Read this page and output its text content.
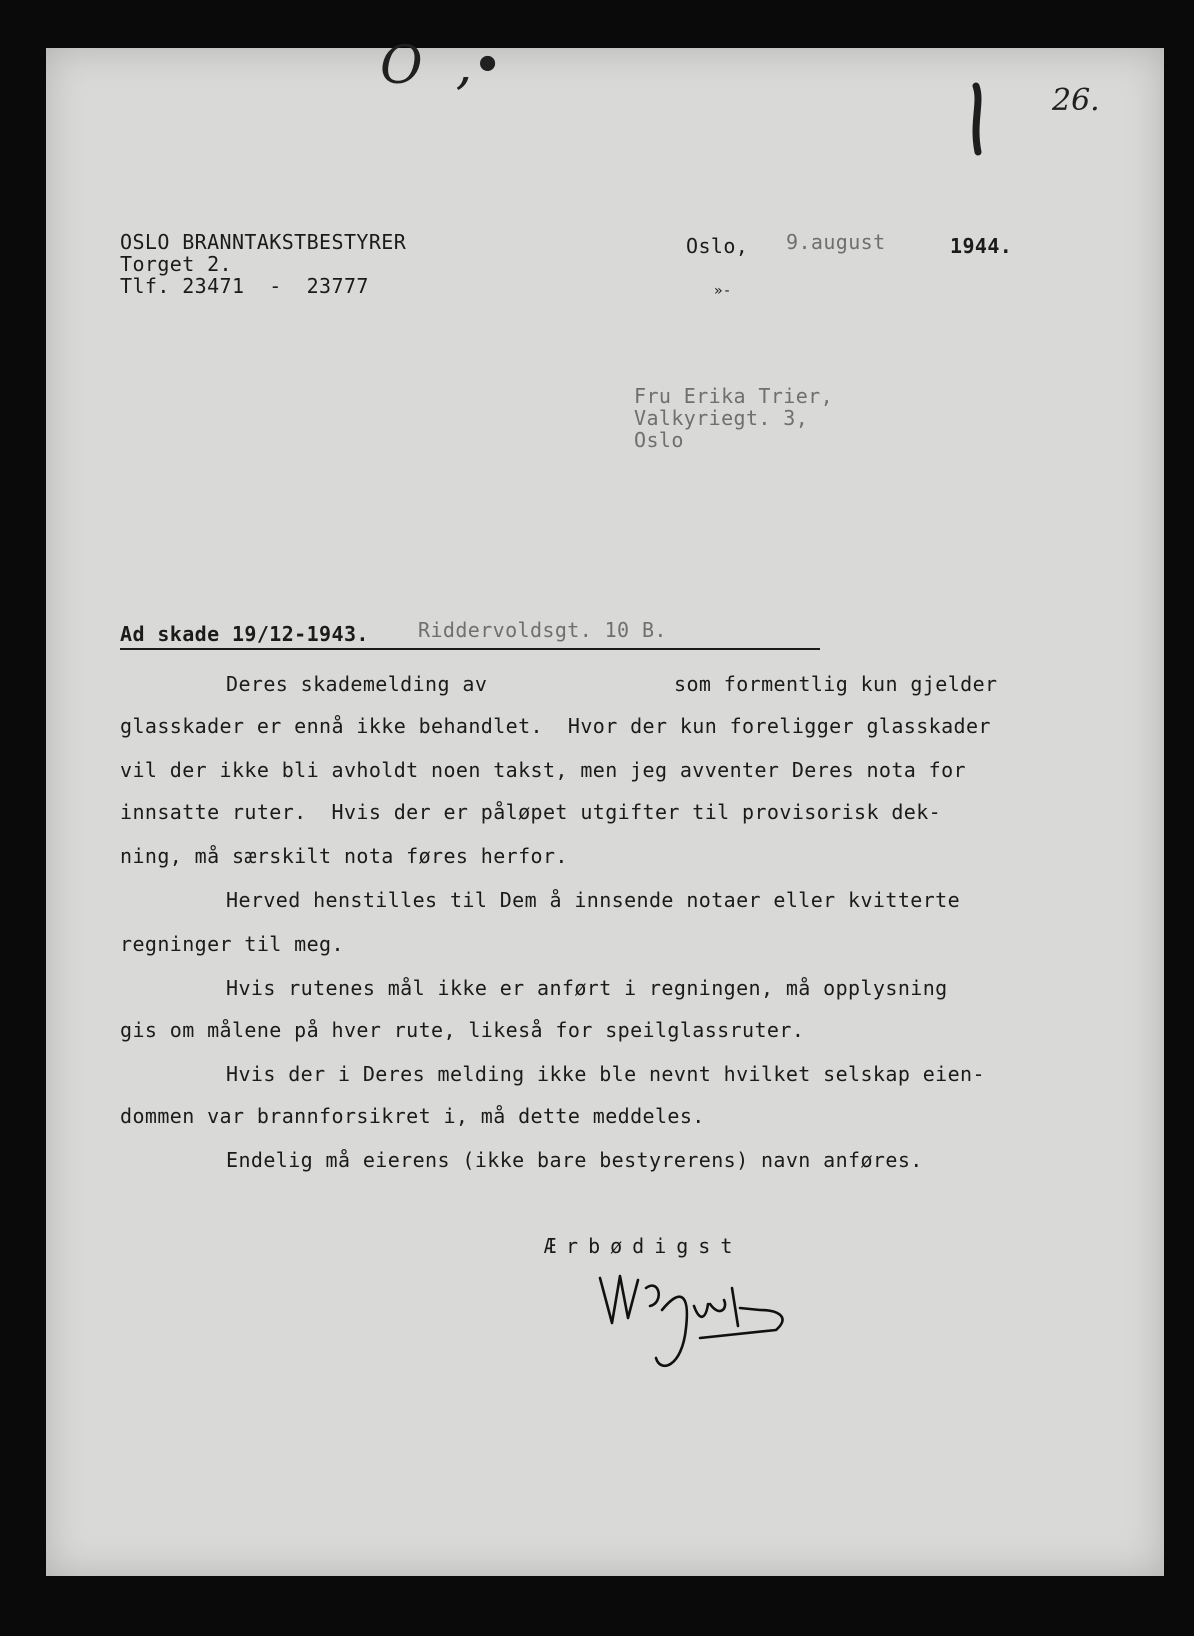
O  ,•
26.
OSLO BRANNTAKSTBESTYRER
Torget 2.
Tlf. 23471  -  23777
Oslo, 9.august	1944.
»-
Fru Erika Trier,
Valkyriegt. 3,
Oslo
Ad skade 19/12-1943. Riddervoldsgt. 10 B.
Deres skademelding av	som formentlig kun gjelder
glasskader er ennå ikke behandlet.  Hvor der kun foreligger glasskader
vil der ikke bli avholdt noen takst, men jeg avventer Deres nota for
innsatte ruter.  Hvis der er påløpet utgifter til provisorisk dek-
ning, må særskilt nota føres herfor.
Herved henstilles til Dem å innsende notaer eller kvitterte
regninger til meg.
Hvis rutenes mål ikke er anført i regningen, må opplysning
gis om målene på hver rute, likeså for speilglassruter.
Hvis der i Deres melding ikke ble nevnt hvilket selskap eien-
dommen var brannforsikret i, må dette meddeles.
Endelig må eierens (ikke bare bestyrerens) navn anføres.
Ærbødigst
